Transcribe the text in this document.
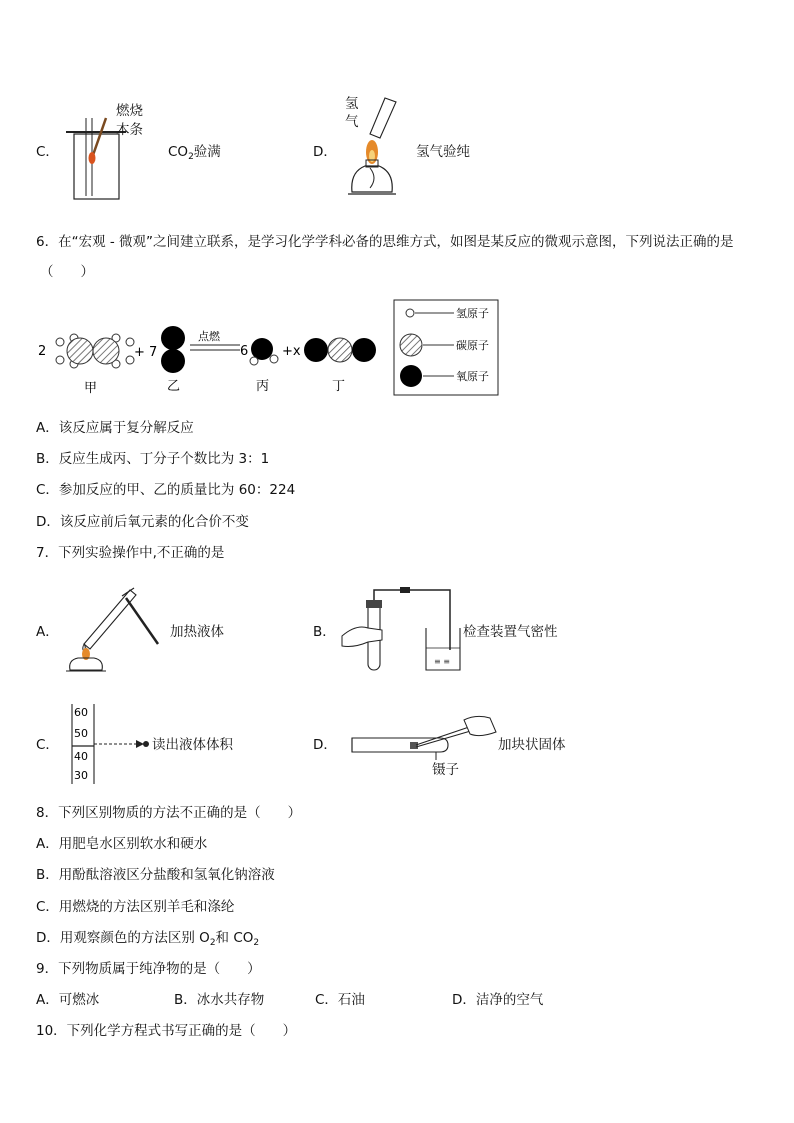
C．
燃烧
木条
$CO_2$验满	D．
氢
气
氢气验纯
6．在“宏观 - 微观”之间建立联系，是学习化学学科必备的思维方式，如图是某反应的微观示意图，下列说法正确的是
（　　）
2	+ 7
点燃
6	+x
甲	乙	丙	丁
氢原子
碳原子
氧原子
A．该反应属于复分解反应
B．反应生成丙、丁分子个数比为 3：1
C．参加反应的甲、乙的质量比为 60：224
D．该反应前后氧元素的化合价不变
7．下列实验操作中,不正确的是
A．	加热液体	B．
≡ ≡
检查装置气密性
C．
60
50
40
30
读出液体体积	D．	加块状固体
镊子
8．下列区别物质的方法不正确的是（　　）
A．用肥皂水区别软水和硬水
B．用酚酞溶液区分盐酸和氢氧化钠溶液
C．用燃烧的方法区别羊毛和涤纶
D．用观察颜色的方法区别 $O_2$和 $CO_2$
9．下列物质属于纯净物的是（　　）
A．可燃冰	B．冰水共存物	C．石油	D．洁净的空气
10．下列化学方程式书写正确的是（　　）
